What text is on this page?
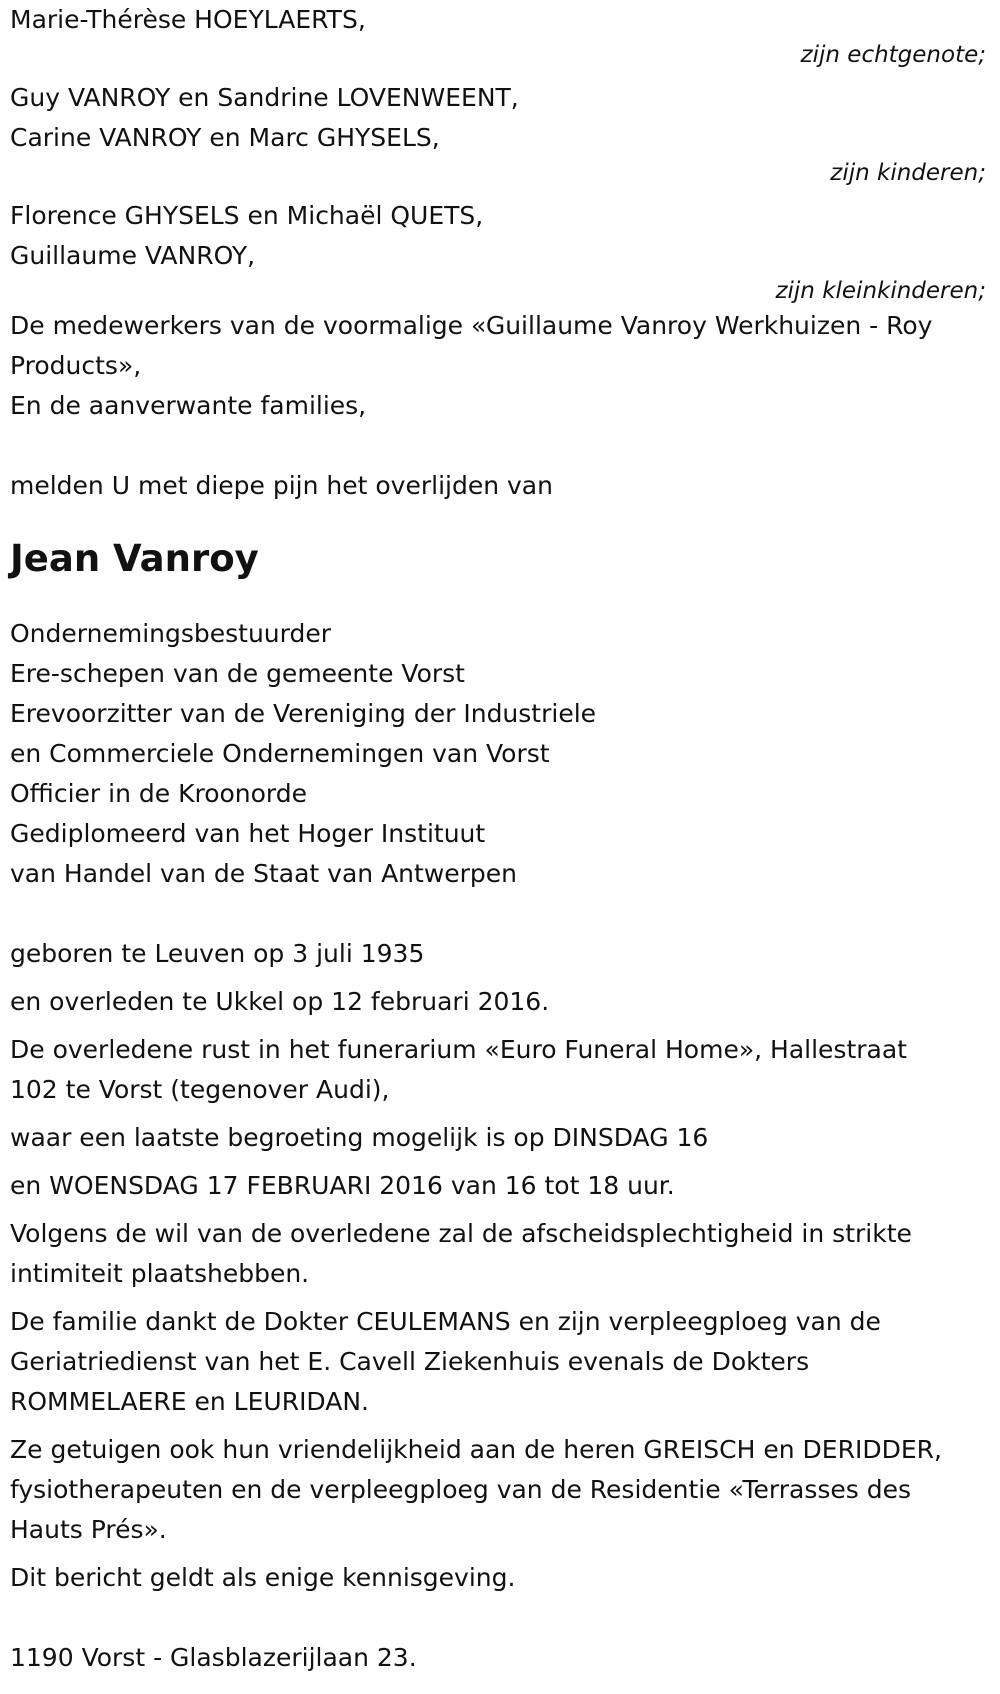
Marie-Thérèse HOEYLAERTS,
zijn echtgenote;
Guy VANROY en Sandrine LOVENWEENT,
Carine VANROY en Marc GHYSELS,
zijn kinderen;
Florence GHYSELS en Michaël QUETS,
Guillaume VANROY,
zijn kleinkinderen;
De medewerkers van de voormalige «Guillaume Vanroy Werkhuizen - Roy Products»,
En de aanverwante families,
melden U met diepe pijn het overlijden van
Jean Vanroy
Ondernemingsbestuurder
Ere-schepen van de gemeente Vorst
Erevoorzitter van de Vereniging der Industriele
en Commerciele Ondernemingen van Vorst
Officier in de Kroonorde
Gediplomeerd van het Hoger Instituut
van Handel van de Staat van Antwerpen
geboren te Leuven op 3 juli 1935
en overleden te Ukkel op 12 februari 2016.
De overledene rust in het funerarium «Euro Funeral Home», Hallestraat 102 te Vorst (tegenover Audi),
waar een laatste begroeting mogelijk is op DINSDAG 16
en WOENSDAG 17 FEBRUARI 2016 van 16 tot 18 uur.
Volgens de wil van de overledene zal de afscheidsplechtigheid in strikte intimiteit plaatshebben.
De familie dankt de Dokter CEULEMANS en zijn verpleegploeg van de Geriatriedienst van het E. Cavell Ziekenhuis evenals de Dokters ROMMELAERE en LEURIDAN.
Ze getuigen ook hun vriendelijkheid aan de heren GREISCH en DERIDDER, fysiotherapeuten en de verpleegploeg van de Residentie «Terrasses des Hauts Prés».
Dit bericht geldt als enige kennisgeving.
1190 Vorst - Glasblazerijlaan 23.
